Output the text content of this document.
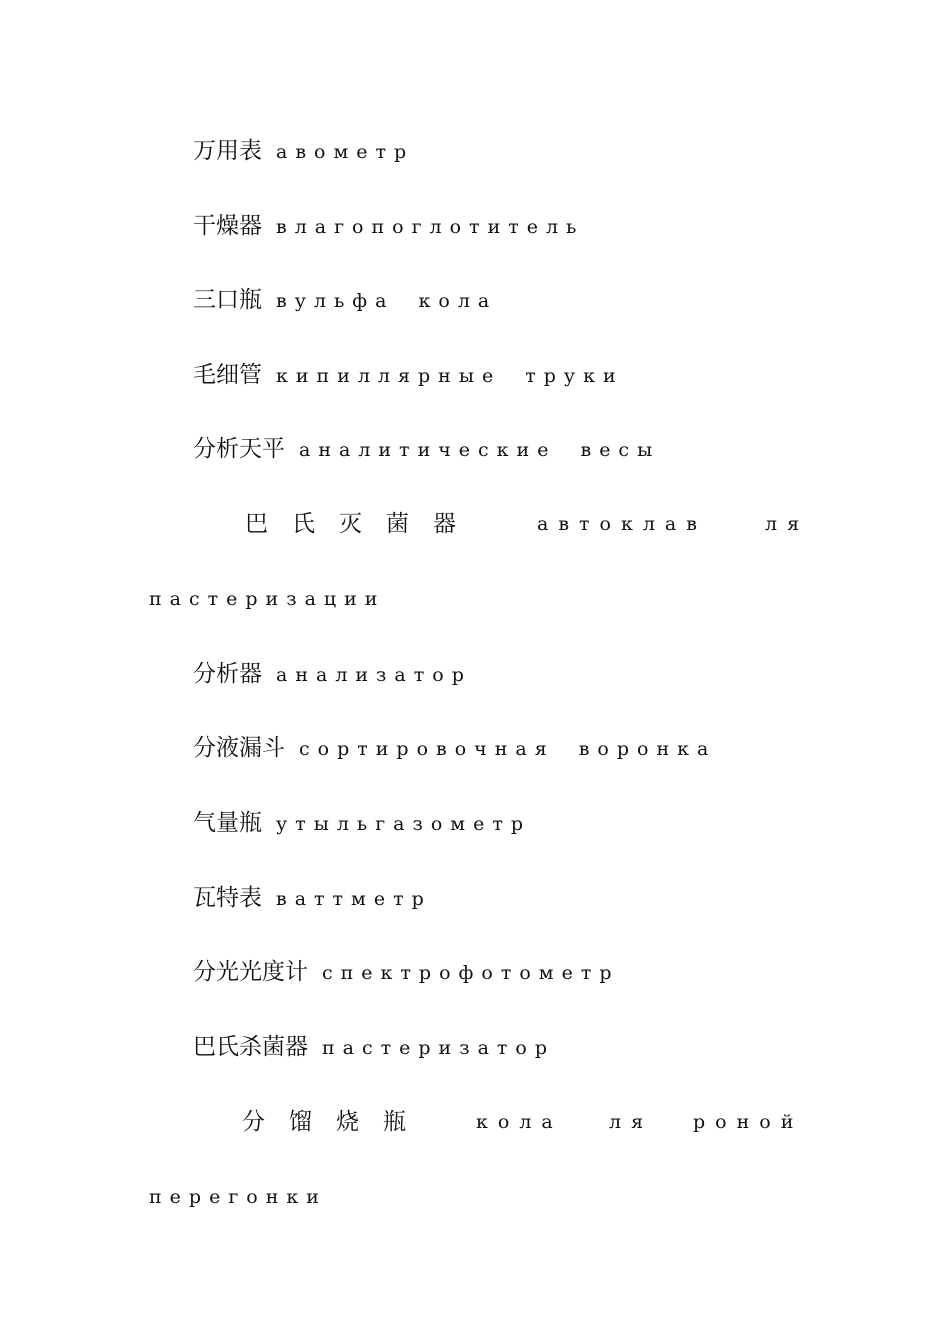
万用表 авометр
干燥器 влагопоглотитель
三口瓶 вульфа кола
毛细管 кипиллярные труки
分析天平 аналитические весы
巴氏灭菌器	автоклав	ля
пастеризации
分析器 анализатор
分液漏斗 сортировочная воронка
气量瓶 утыльгазометр
瓦特表 ваттметр
分光光度计 спектрофотометр
巴氏杀菌器 пастеризатор
分馏烧瓶 кола ля роной
перегонки
